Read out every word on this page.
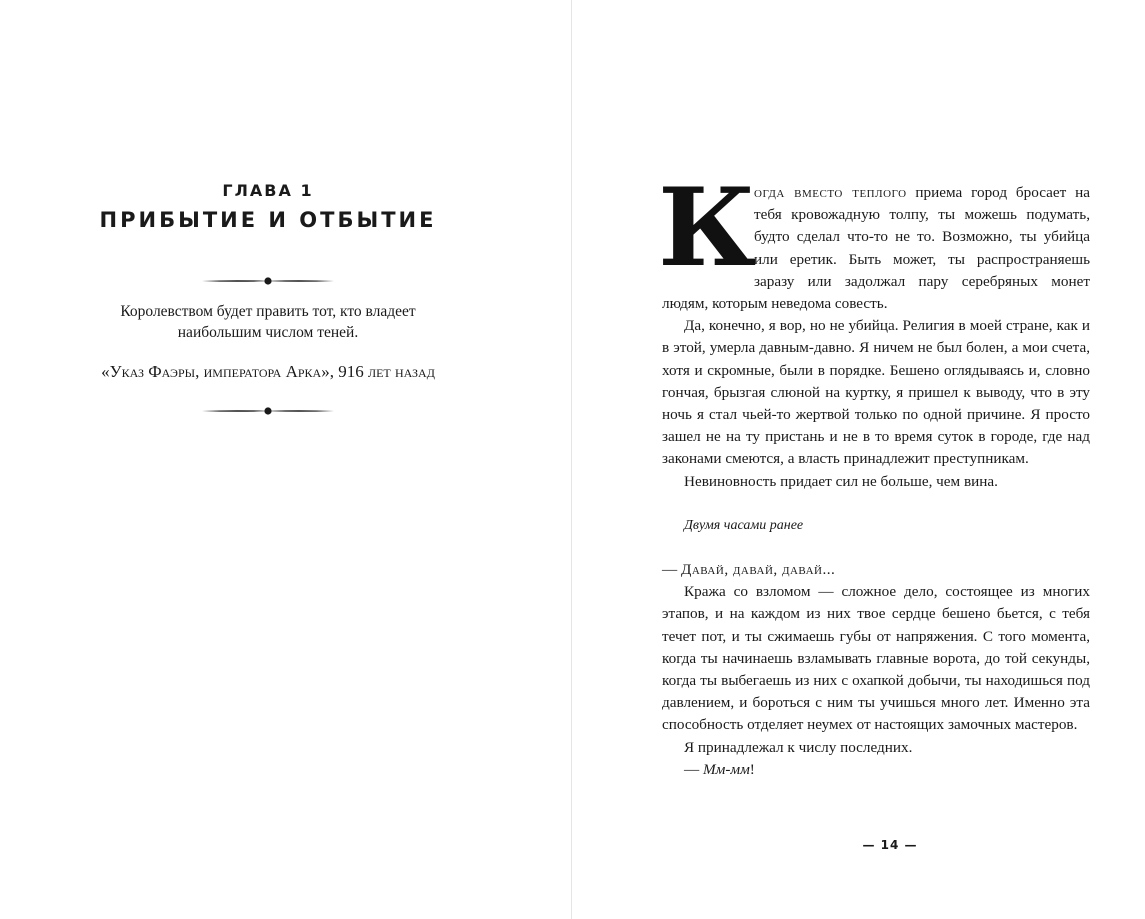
ГЛАВА 1
ПРИБЫТИЕ И ОТБЫТИЕ
Королевством будет править тот, кто владеет
наибольшим числом теней.
«Указ Фаэры, императора Арка», 916 лет назад

Когда вместо теплого приема город бросает на тебя кровожадную толпу, ты можешь подумать, будто сделал что-то не то. Возможно, ты убийца или еретик. Быть может, ты распространяешь заразу или задолжал пару серебряных монет людям, которым неведома совесть.

Да, конечно, я вор, но не убийца. Религия в моей стране, как и в этой, умерла давным-давно. Я ничем не был болен, а мои счета, хотя и скромные, были в порядке. Бешено оглядываясь и, словно гончая, брызгая слюной на куртку, я пришел к выводу, что в эту ночь я стал чьей-то жертвой только по одной причине. Я просто зашел не на ту пристань и не в то время суток в городе, где над законами смеются, а власть принадлежит преступникам.

Невиновность придает сил не больше, чем вина.

Двумя часами ранее

— Давай, давай, давай...

Кража со взломом — сложное дело, состоящее из многих этапов, и на каждом из них твое сердце бешено бьется, с тебя течет пот, и ты сжимаешь губы от напряжения. С того момента, когда ты начинаешь взламывать главные ворота, до той секунды, когда ты выбегаешь из них с охапкой добычи, ты находишься под давлением, и бороться с ним ты учишься много лет. Именно эта способность отделяет неумех от настоящих замочных мастеров.

Я принадлежал к числу последних.

— Мм-мм!

— 14 —
